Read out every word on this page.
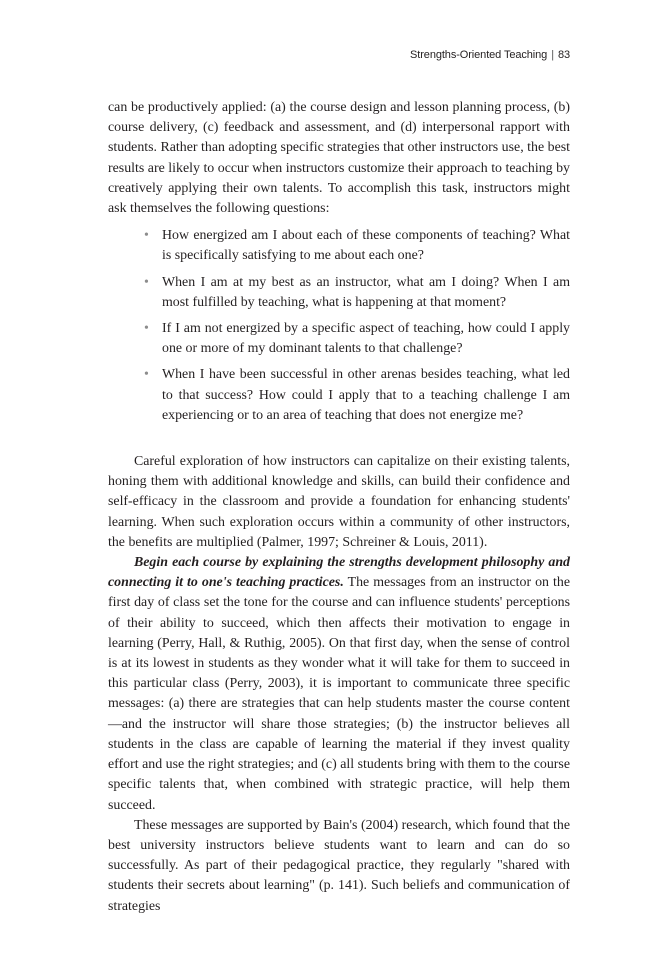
Strengths-Oriented Teaching | 83

can be productively applied: (a) the course design and lesson planning process, (b) course delivery, (c) feedback and assessment, and (d) interpersonal rapport with students. Rather than adopting specific strategies that other instructors use, the best results are likely to occur when instructors customize their approach to teaching by creatively applying their own talents. To accomplish this task, instructors might ask themselves the following questions:

• How energized am I about each of these components of teaching? What is specifically satisfying to me about each one?
• When I am at my best as an instructor, what am I doing? When I am most fulfilled by teaching, what is happening at that moment?
• If I am not energized by a specific aspect of teaching, how could I apply one or more of my dominant talents to that challenge?
• When I have been successful in other arenas besides teaching, what led to that success? How could I apply that to a teaching challenge I am experiencing or to an area of teaching that does not energize me?

Careful exploration of how instructors can capitalize on their existing talents, honing them with additional knowledge and skills, can build their confidence and self-efficacy in the classroom and provide a foundation for enhancing students' learning. When such exploration occurs within a community of other instructors, the benefits are multiplied (Palmer, 1997; Schreiner & Louis, 2011).

Begin each course by explaining the strengths development philosophy and connecting it to one's teaching practices. The messages from an instructor on the first day of class set the tone for the course and can influence students' perceptions of their ability to succeed, which then affects their motivation to engage in learning (Perry, Hall, & Ruthig, 2005). On that first day, when the sense of control is at its lowest in students as they wonder what it will take for them to succeed in this particular class (Perry, 2003), it is important to communicate three specific messages: (a) there are strategies that can help students master the course content—and the instructor will share those strategies; (b) the instructor believes all students in the class are capable of learning the material if they invest quality effort and use the right strategies; and (c) all students bring with them to the course specific talents that, when combined with strategic practice, will help them succeed.

These messages are supported by Bain's (2004) research, which found that the best university instructors believe students want to learn and can do so successfully. As part of their pedagogical practice, they regularly "shared with students their secrets about learning" (p. 141). Such beliefs and communication of strategies
